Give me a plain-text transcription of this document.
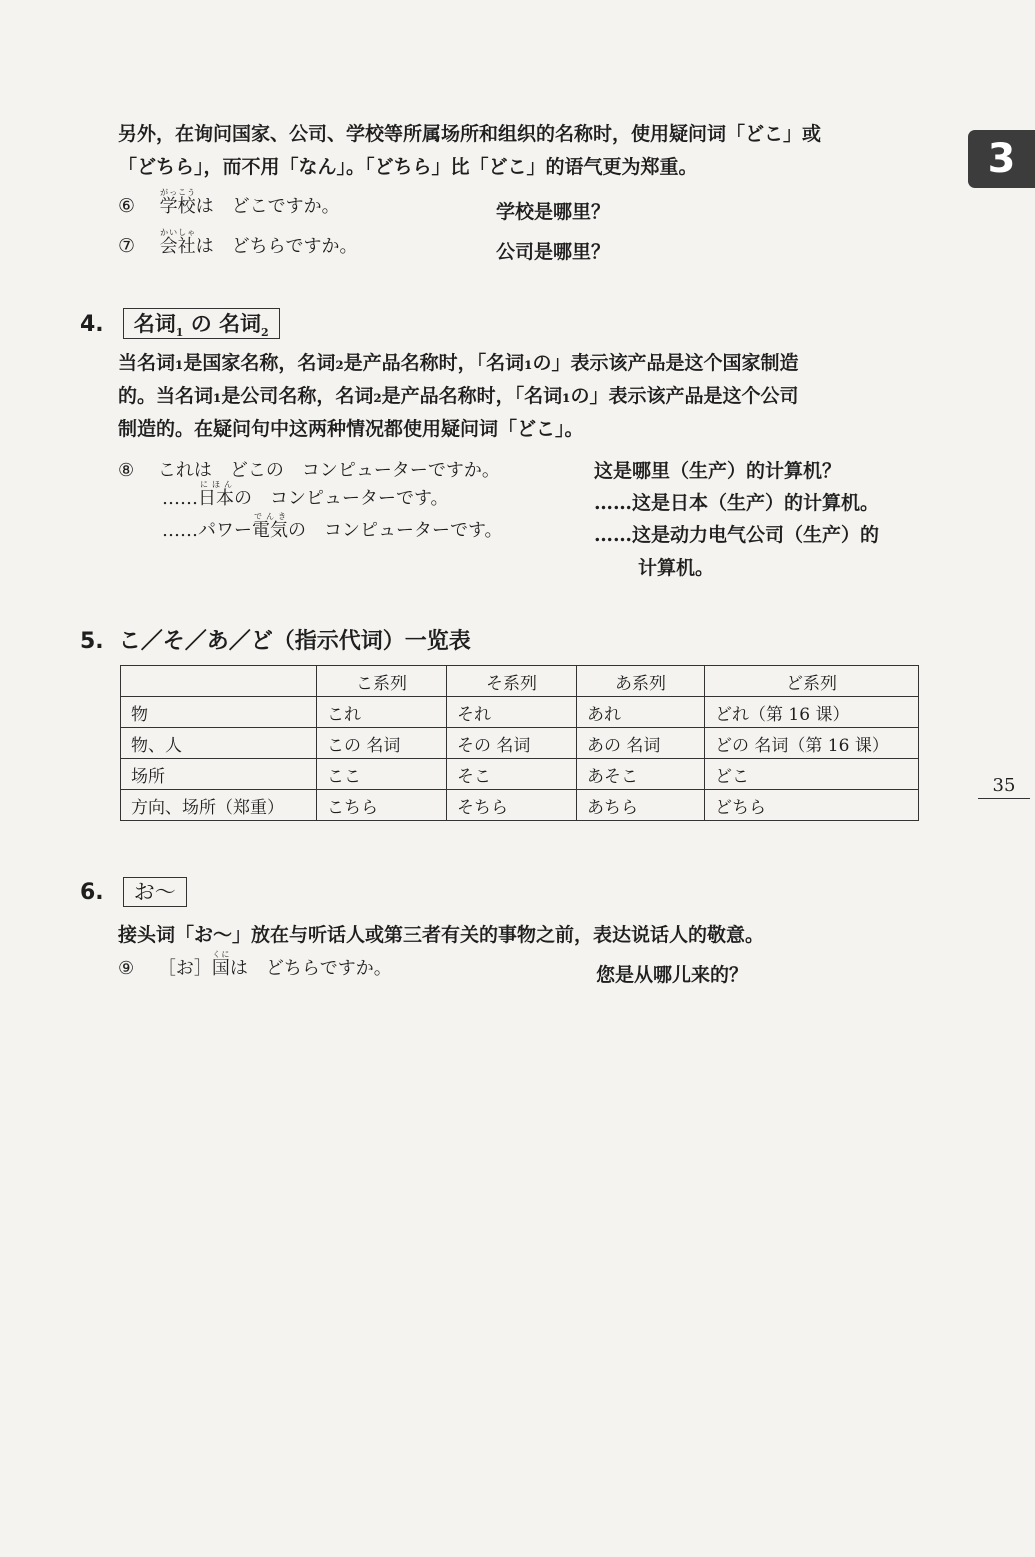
3
35
另外，在询问国家、公司、学校等所属场所和组织的名称时，使用疑问词「どこ」或
「どちら」，而不用「なん」。「どちら」比「どこ」的语气更为郑重。
⑥ 学校がっこうは　どこですか。	学校是哪里？
⑦ 会社かいしゃは　どちらですか。	公司是哪里？
4. 名词$_1$ の 名词$_2$
当名词₁是国家名称，名词₂是产品名称时，「名词₁の」表示该产品是这个国家制造
的。当名词₁是公司名称，名词₂是产品名称时，「名词₁の」表示该产品是这个公司
制造的。在疑问句中这两种情况都使用疑问词「どこ」。
⑧ これは　どこの　コンピューターですか。	这是哪里（生产）的计算机？
……日本にほんの　コンピューターです。	……这是日本（生产）的计算机。
……パワー電気でんきの　コンピューターです。	……这是动力电气公司（生产）的
计算机。
5. こ／そ／あ／ど（指示代词）一览表
	こ系列	そ系列	あ系列	ど系列
物	これ	それ	あれ	どれ（第 16 课）
物、人	この 名词	その 名词	あの 名词	どの 名词（第 16 课）
场所	ここ	そこ	あそこ	どこ
方向、场所（郑重）	こちら	そちら	あちら	どちら
6. お～
接头词「お～」放在与听话人或第三者有关的事物之前，表达说话人的敬意。
⑨ ［お］国くには　どちらですか。	您是从哪儿来的？
